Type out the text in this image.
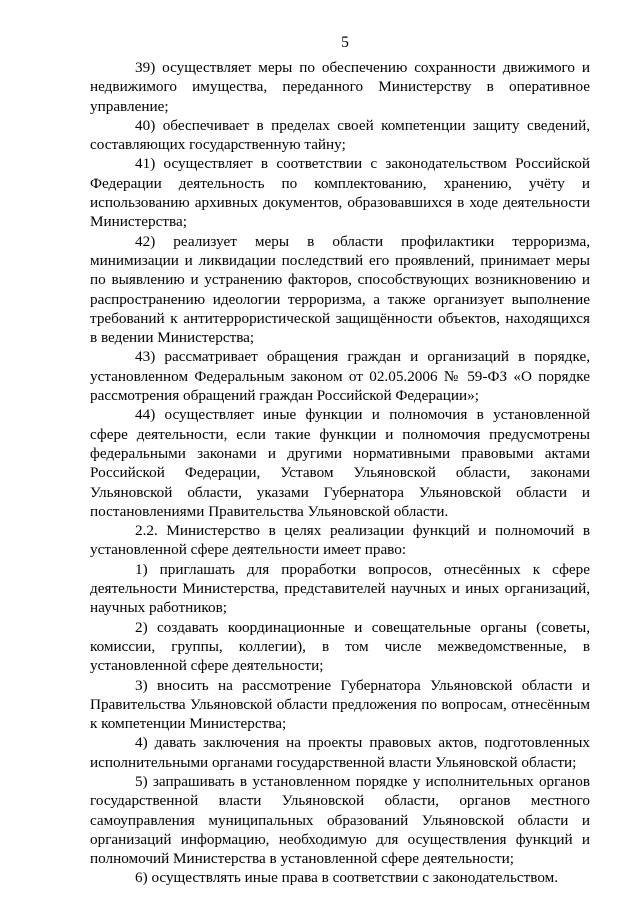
5

39) осуществляет меры по обеспечению сохранности движимого и недвижимого имущества, переданного Министерству в оперативное управление;

40) обеспечивает в пределах своей компетенции защиту сведений, составляющих государственную тайну;

41) осуществляет в соответствии с законодательством Российской Федерации деятельность по комплектованию, хранению, учёту и использованию архивных документов, образовавшихся в ходе деятельности Министерства;

42) реализует меры в области профилактики терроризма, минимизации и ликвидации последствий его проявлений, принимает меры по выявлению и устранению факторов, способствующих возникновению и распространению идеологии терроризма, а также организует выполнение требований к антитеррористической защищённости объектов, находящихся в ведении Министерства;

43) рассматривает обращения граждан и организаций в порядке, установленном Федеральным законом от 02.05.2006 № 59-ФЗ «О порядке рассмотрения обращений граждан Российской Федерации»;

44) осуществляет иные функции и полномочия в установленной сфере деятельности, если такие функции и полномочия предусмотрены федеральными законами и другими нормативными правовыми актами Российской Федерации, Уставом Ульяновской области, законами Ульяновской области, указами Губернатора Ульяновской области и постановлениями Правительства Ульяновской области.

2.2. Министерство в целях реализации функций и полномочий в установленной сфере деятельности имеет право:

1) приглашать для проработки вопросов, отнесённых к сфере деятельности Министерства, представителей научных и иных организаций, научных работников;

2) создавать координационные и совещательные органы (советы, комиссии, группы, коллегии), в том числе межведомственные, в установленной сфере деятельности;

3) вносить на рассмотрение Губернатора Ульяновской области и Правительства Ульяновской области предложения по вопросам, отнесённым к компетенции Министерства;

4) давать заключения на проекты правовых актов, подготовленных исполнительными органами государственной власти Ульяновской области;

5) запрашивать в установленном порядке у исполнительных органов государственной власти Ульяновской области, органов местного самоуправления муниципальных образований Ульяновской области и организаций информацию, необходимую для осуществления функций и полномочий Министерства в установленной сфере деятельности;

6) осуществлять иные права в соответствии с законодательством.
